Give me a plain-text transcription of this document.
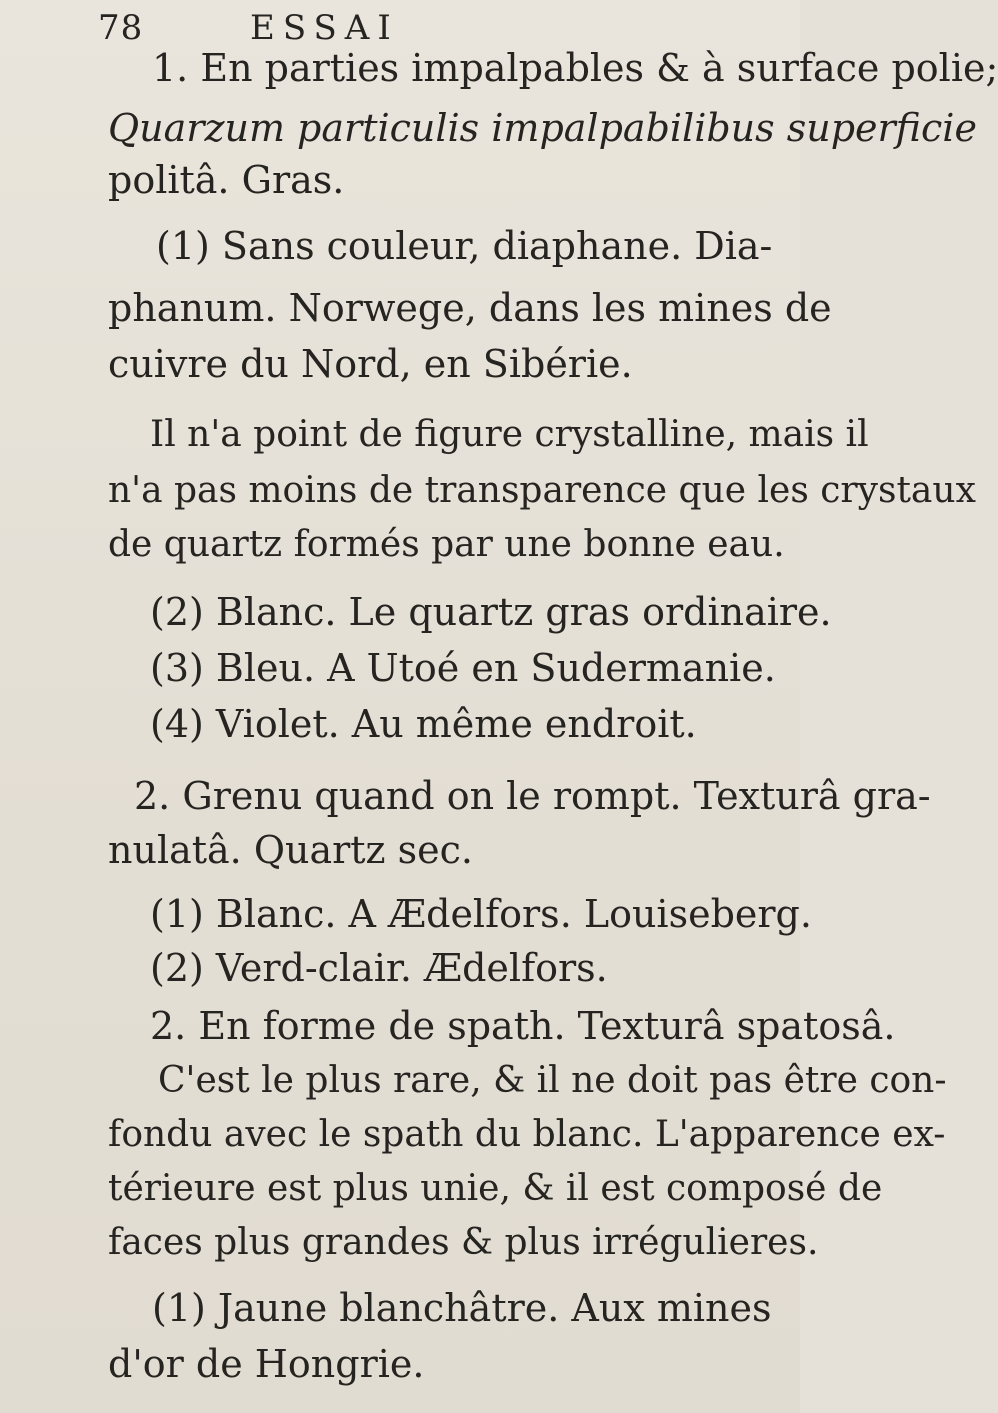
78	ESSAI
1. En parties impalpables & à surface polie;
Quarzum particulis impalpabilibus superficie
politâ. Gras.
(1) Sans couleur, diaphane. Dia-
phanum. Norwege, dans les mines de
cuivre du Nord, en Sibérie.
Il n'a point de figure crystalline, mais il
n'a pas moins de transparence que les crystaux
de quartz formés par une bonne eau.
(2) Blanc. Le quartz gras ordinaire.
(3) Bleu. A Utoé en Sudermanie.
(4) Violet. Au même endroit.
2. Grenu quand on le rompt. Texturâ gra-
nulatâ. Quartz sec.
(1) Blanc. A Ædelfors. Louiseberg.
(2) Verd-clair. Ædelfors.
2. En forme de spath. Texturâ spatosâ.
C'est le plus rare, & il ne doit pas être con-
fondu avec le spath du blanc. L'apparence ex-
térieure est plus unie, & il est composé de
faces plus grandes & plus irrégulieres.
(1) Jaune blanchâtre. Aux mines
d'or de Hongrie.
